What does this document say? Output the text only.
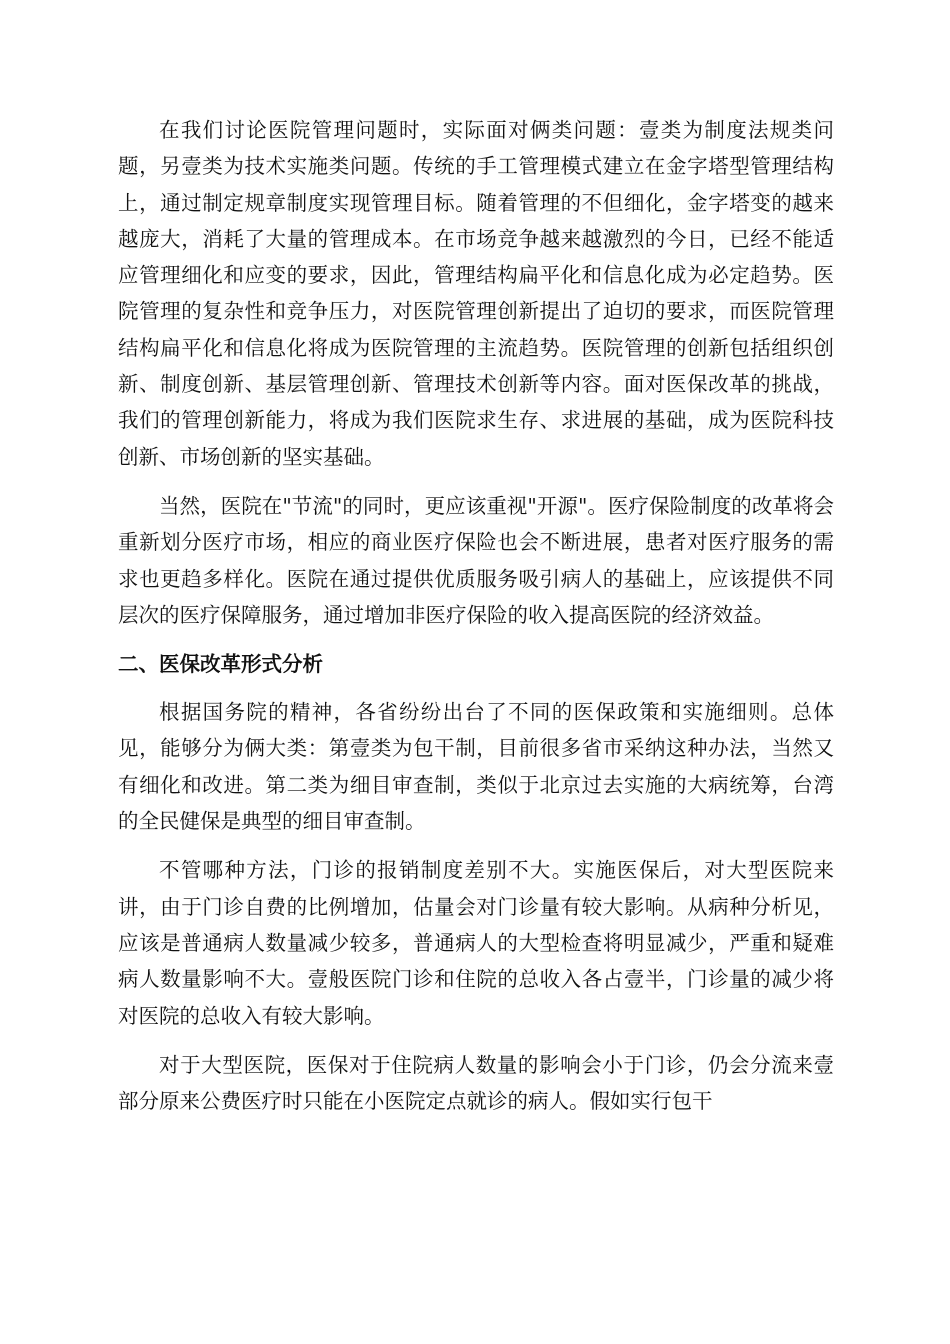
在我们讨论医院管理问题时，实际面对俩类问题：壹类为制度法规类问题，另壹类为技术实施类问题。传统的手工管理模式建立在金字塔型管理结构上，通过制定规章制度实现管理目标。随着管理的不但细化，金字塔变的越来越庞大，消耗了大量的管理成本。在市场竞争越来越激烈的今日，已经不能适应管理细化和应变的要求，因此，管理结构扁平化和信息化成为必定趋势。医院管理的复杂性和竞争压力，对医院管理创新提出了迫切的要求，而医院管理结构扁平化和信息化将成为医院管理的主流趋势。医院管理的创新包括组织创新、制度创新、基层管理创新、管理技术创新等内容。面对医保改革的挑战，我们的管理创新能力，将成为我们医院求生存、求进展的基础，成为医院科技创新、市场创新的坚实基础。

当然，医院在"节流"的同时，更应该重视"开源"。医疗保险制度的改革将会重新划分医疗市场，相应的商业医疗保险也会不断进展，患者对医疗服务的需求也更趋多样化。医院在通过提供优质服务吸引病人的基础上，应该提供不同层次的医疗保障服务，通过增加非医疗保险的收入提高医院的经济效益。

二、医保改革形式分析

根据国务院的精神，各省纷纷出台了不同的医保政策和实施细则。总体见，能够分为俩大类：第壹类为包干制，目前很多省市采纳这种办法，当然又有细化和改进。第二类为细目审查制，类似于北京过去实施的大病统筹，台湾的全民健保是典型的细目审查制。

不管哪种方法，门诊的报销制度差别不大。实施医保后，对大型医院来讲，由于门诊自费的比例增加，估量会对门诊量有较大影响。从病种分析见，应该是普通病人数量减少较多，普通病人的大型检查将明显减少，严重和疑难病人数量影响不大。壹般医院门诊和住院的总收入各占壹半，门诊量的减少将对医院的总收入有较大影响。

对于大型医院，医保对于住院病人数量的影响会小于门诊，仍会分流来壹部分原来公费医疗时只能在小医院定点就诊的病人。假如实行包干
